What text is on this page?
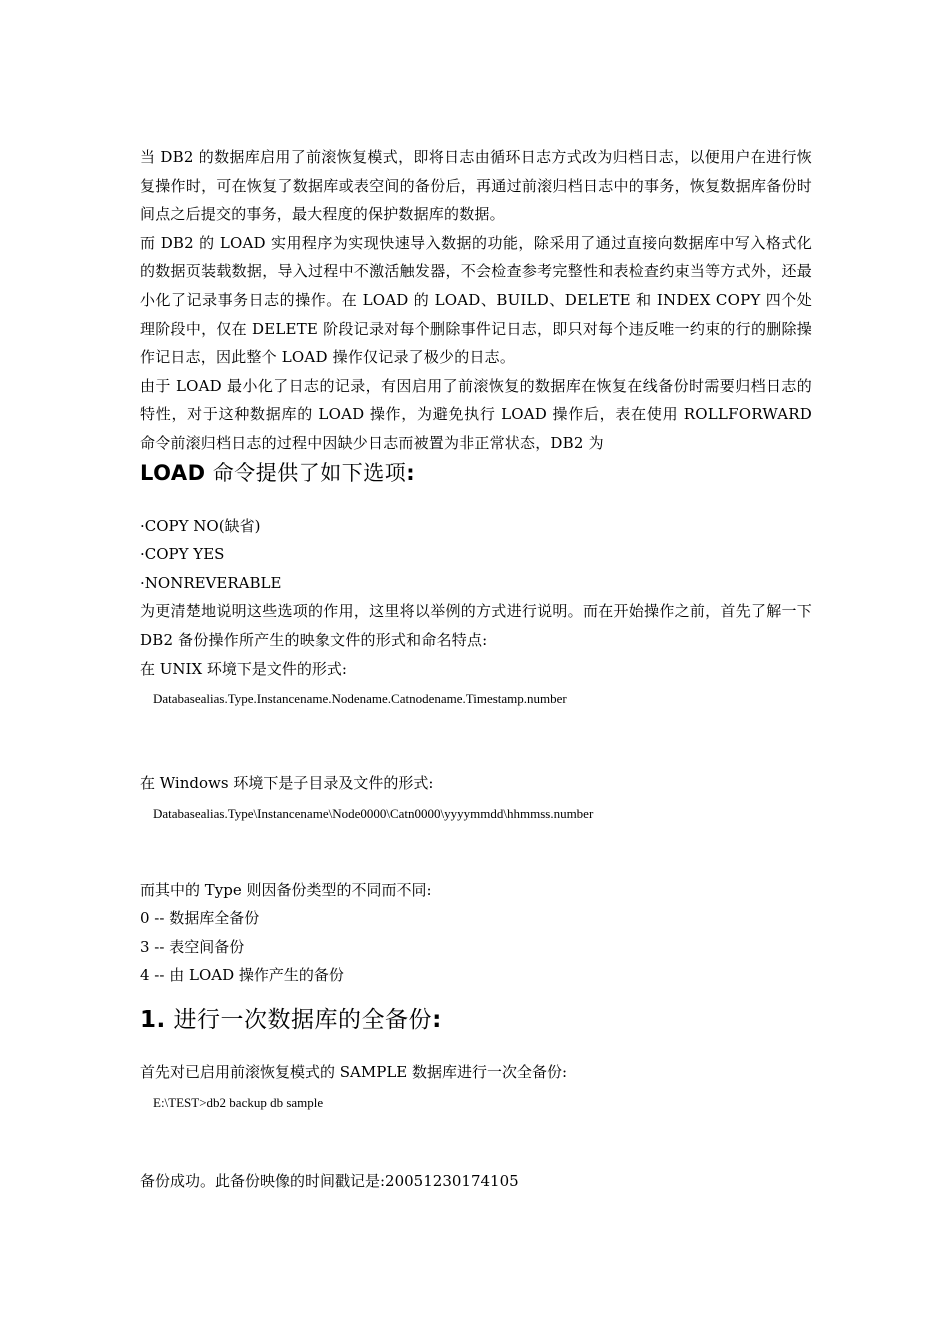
当 DB2 的数据库启用了前滚恢复模式，即将日志由循环日志方式改为归档日志，以便用户在进行恢复操作时，可在恢复了数据库或表空间的备份后，再通过前滚归档日志中的事务，恢复数据库备份时间点之后提交的事务，最大程度的保护数据库的数据。

而 DB2 的 LOAD 实用程序为实现快速导入数据的功能，除采用了通过直接向数据库中写入格式化的数据页装载数据，导入过程中不激活触发器，不会检查参考完整性和表检查约束当等方式外，还最小化了记录事务日志的操作。在 LOAD 的 LOAD、BUILD、DELETE 和 INDEX COPY 四个处理阶段中，仅在 DELETE 阶段记录对每个删除事件记日志，即只对每个违反唯一约束的行的删除操作记日志，因此整个 LOAD 操作仅记录了极少的日志。

由于 LOAD 最小化了日志的记录，有因启用了前滚恢复的数据库在恢复在线备份时需要归档日志的特性，对于这种数据库的 LOAD 操作，为避免执行 LOAD 操作后，表在使用 ROLLFORWARD 命令前滚归档日志的过程中因缺少日志而被置为非正常状态，DB2 为

LOAD 命令提供了如下选项:

·COPY NO(缺省)

·COPY YES

·NONREVERABLE

为更清楚地说明这些选项的作用，这里将以举例的方式进行说明。而在开始操作之前，首先了解一下 DB2 备份操作所产生的映象文件的形式和命名特点:

在 UNIX 环境下是文件的形式:

Databasealias.Type.Instancename.Nodename.Catnodename.Timestamp.number

在 Windows 环境下是子目录及文件的形式:

Databasealias.Type\Instancename\Node0000\Catn0000\yyyymmdd\hhmmss.number

而其中的 Type 则因备份类型的不同而不同:

0 -- 数据库全备份

3 -- 表空间备份

4 -- 由 LOAD 操作产生的备份

1. 进行一次数据库的全备份:

首先对已启用前滚恢复模式的 SAMPLE 数据库进行一次全备份:

E:\TEST>db2 backup db sample

备份成功。此备份映像的时间戳记是:20051230174105
